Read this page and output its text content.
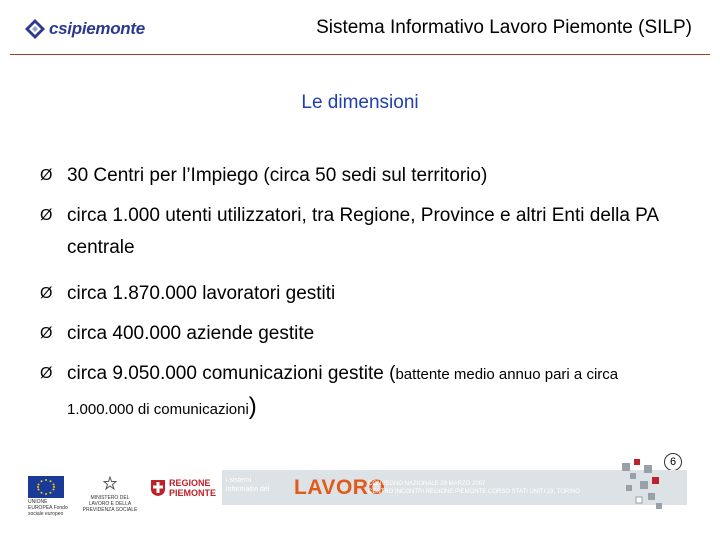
csipiemonte	Sistema Informativo Lavoro Piemonte (SILP)
Le dimensioni
Ø 30 Centri per l’Impiego (circa 50 sedi sul territorio)
Ø circa 1.000 utenti utilizzatori, tra Regione, Province e altri Enti della PA centrale
Ø circa 1.870.000 lavoratori gestiti
Ø circa 400.000 aziende gestite
Ø circa 9.050.000 comunicazioni gestite (battente medio annuo pari a circa 1.000.000 di comunicazioni)
6
UNIONE EUROPEA Fondo sociale europeo
MINISTERO DEL LAVORO E DELLA PREVIDENZA SOCIALE
REGIONE
PIEMONTE
i sistemi
informativi del LAVORO
CONVEGNO NAZIONALE 29 MARZO 2007
CENTRO INCONTRI REGIONE PIEMONTE CORSO STATI UNITI 23, TORINO
